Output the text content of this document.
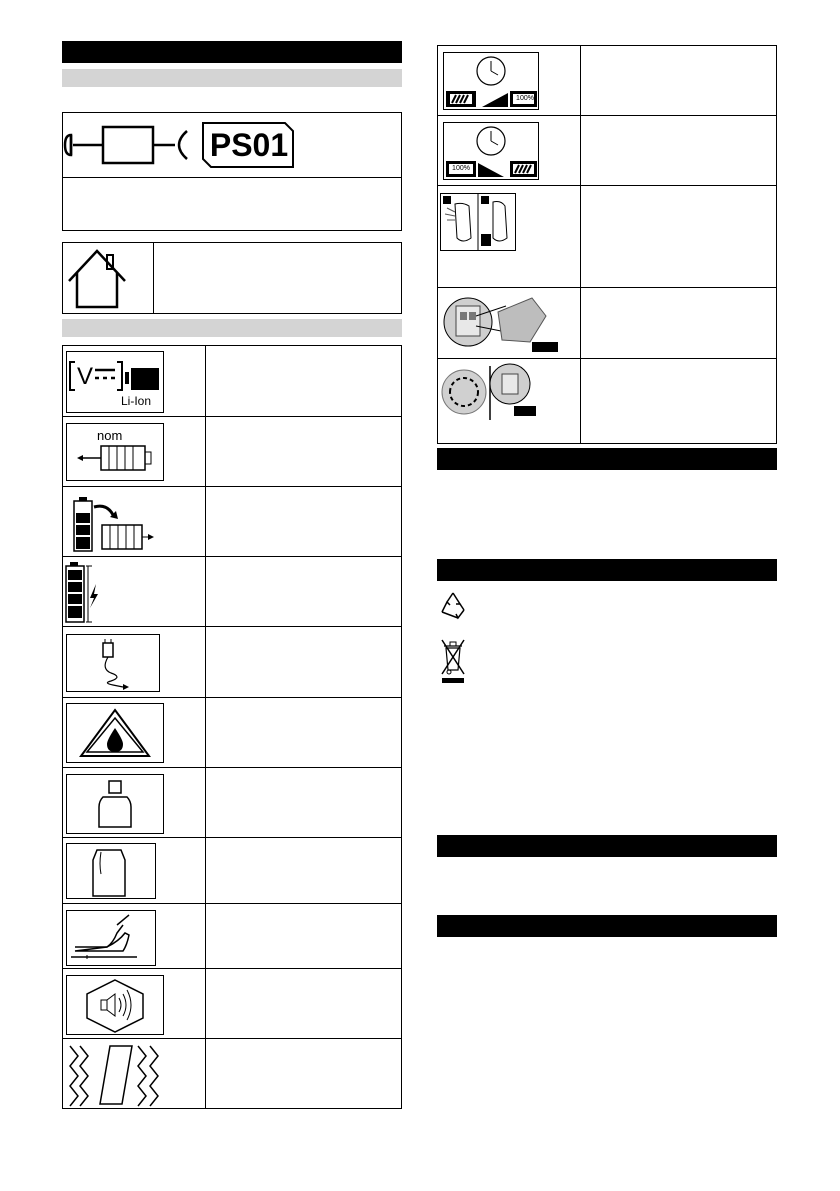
PS01
V
Li-Ion
nom
100%
100%
